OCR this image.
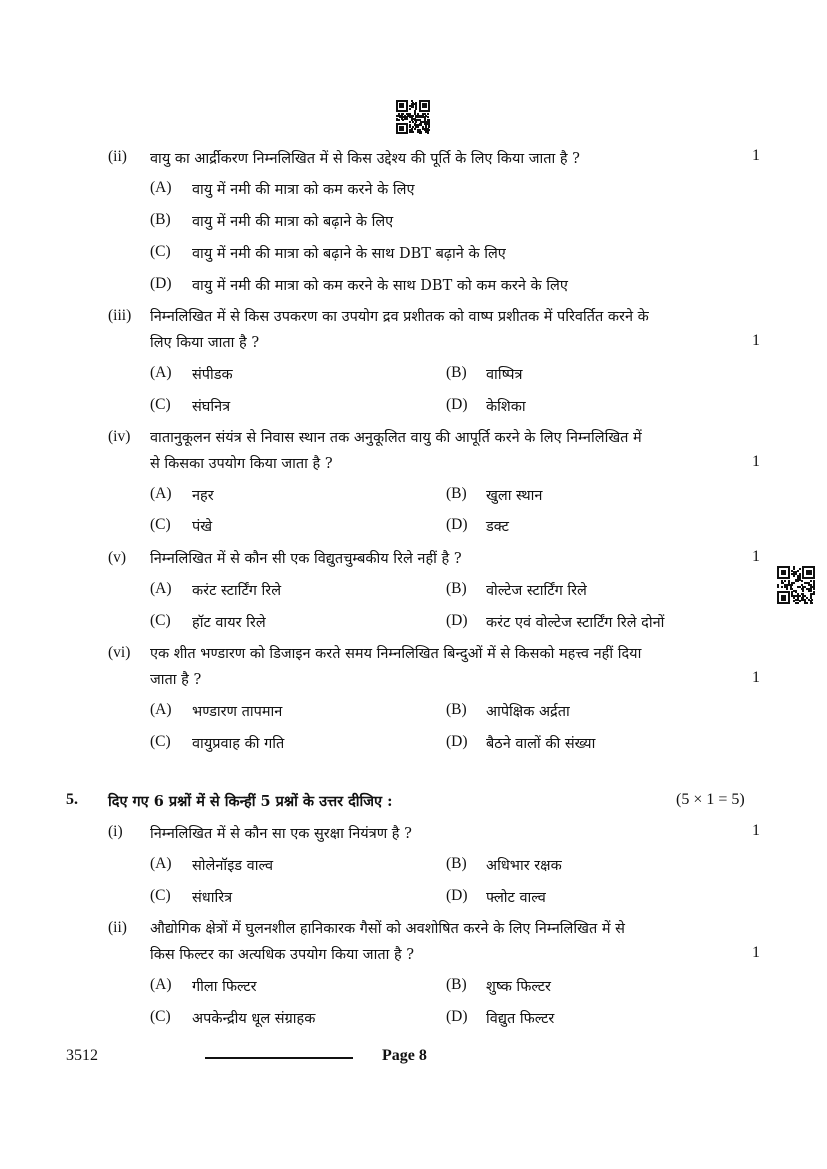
(ii) वायु का आर्द्रीकरण निम्नलिखित में से किस उद्देश्य की पूर्ति के लिए किया जाता है ?	1
(A) वायु में नमी की मात्रा को कम करने के लिए
(B) वायु में नमी की मात्रा को बढ़ाने के लिए
(C) वायु में नमी की मात्रा को बढ़ाने के साथ DBT बढ़ाने के लिए
(D) वायु में नमी की मात्रा को कम करने के साथ DBT को कम करने के लिए
(iii) निम्नलिखित में से किस उपकरण का उपयोग द्रव प्रशीतक को वाष्प प्रशीतक में परिवर्तित करने के
लिए किया जाता है ?	1
(A) संपीडक	(B) वाष्पित्र
(C) संघनित्र	(D) केशिका
(iv) वातानुकूलन संयंत्र से निवास स्थान तक अनुकूलित वायु की आपूर्ति करने के लिए निम्नलिखित में
से किसका उपयोग किया जाता है ?	1
(A) नहर	(B) खुला स्थान
(C) पंखे	(D) डक्ट
(v) निम्नलिखित में से कौन सी एक विद्युतचुम्बकीय रिले नहीं है ?	1
(A) करंट स्टार्टिंग रिले	(B) वोल्टेज स्टार्टिंग रिले
(C) हॉट वायर रिले	(D) करंट एवं वोल्टेज स्टार्टिंग रिले दोनों
(vi) एक शीत भण्डारण को डिजाइन करते समय निम्नलिखित बिन्दुओं में से किसको महत्त्व नहीं दिया
जाता है ?	1
(A) भण्डारण तापमान	(B) आपेक्षिक अर्द्रता
(C) वायुप्रवाह की गति	(D) बैठने वालों की संख्या
5. दिए गए 6 प्रश्नों में से किन्हीं 5 प्रश्नों के उत्तर दीजिए :	(5 × 1 = 5)
(i) निम्नलिखित में से कौन सा एक सुरक्षा नियंत्रण है ?	1
(A) सोलेनॉइड वाल्व	(B) अधिभार रक्षक
(C) संधारित्र	(D) फ्लोट वाल्व
(ii) औद्योगिक क्षेत्रों में घुलनशील हानिकारक गैसों को अवशोषित करने के लिए निम्नलिखित में से
किस फिल्टर का अत्यधिक उपयोग किया जाता है ?	1
(A) गीला फिल्टर	(B) शुष्क फिल्टर
(C) अपकेन्द्रीय धूल संग्राहक	(D) विद्युत फिल्टर
3512	Page 8
